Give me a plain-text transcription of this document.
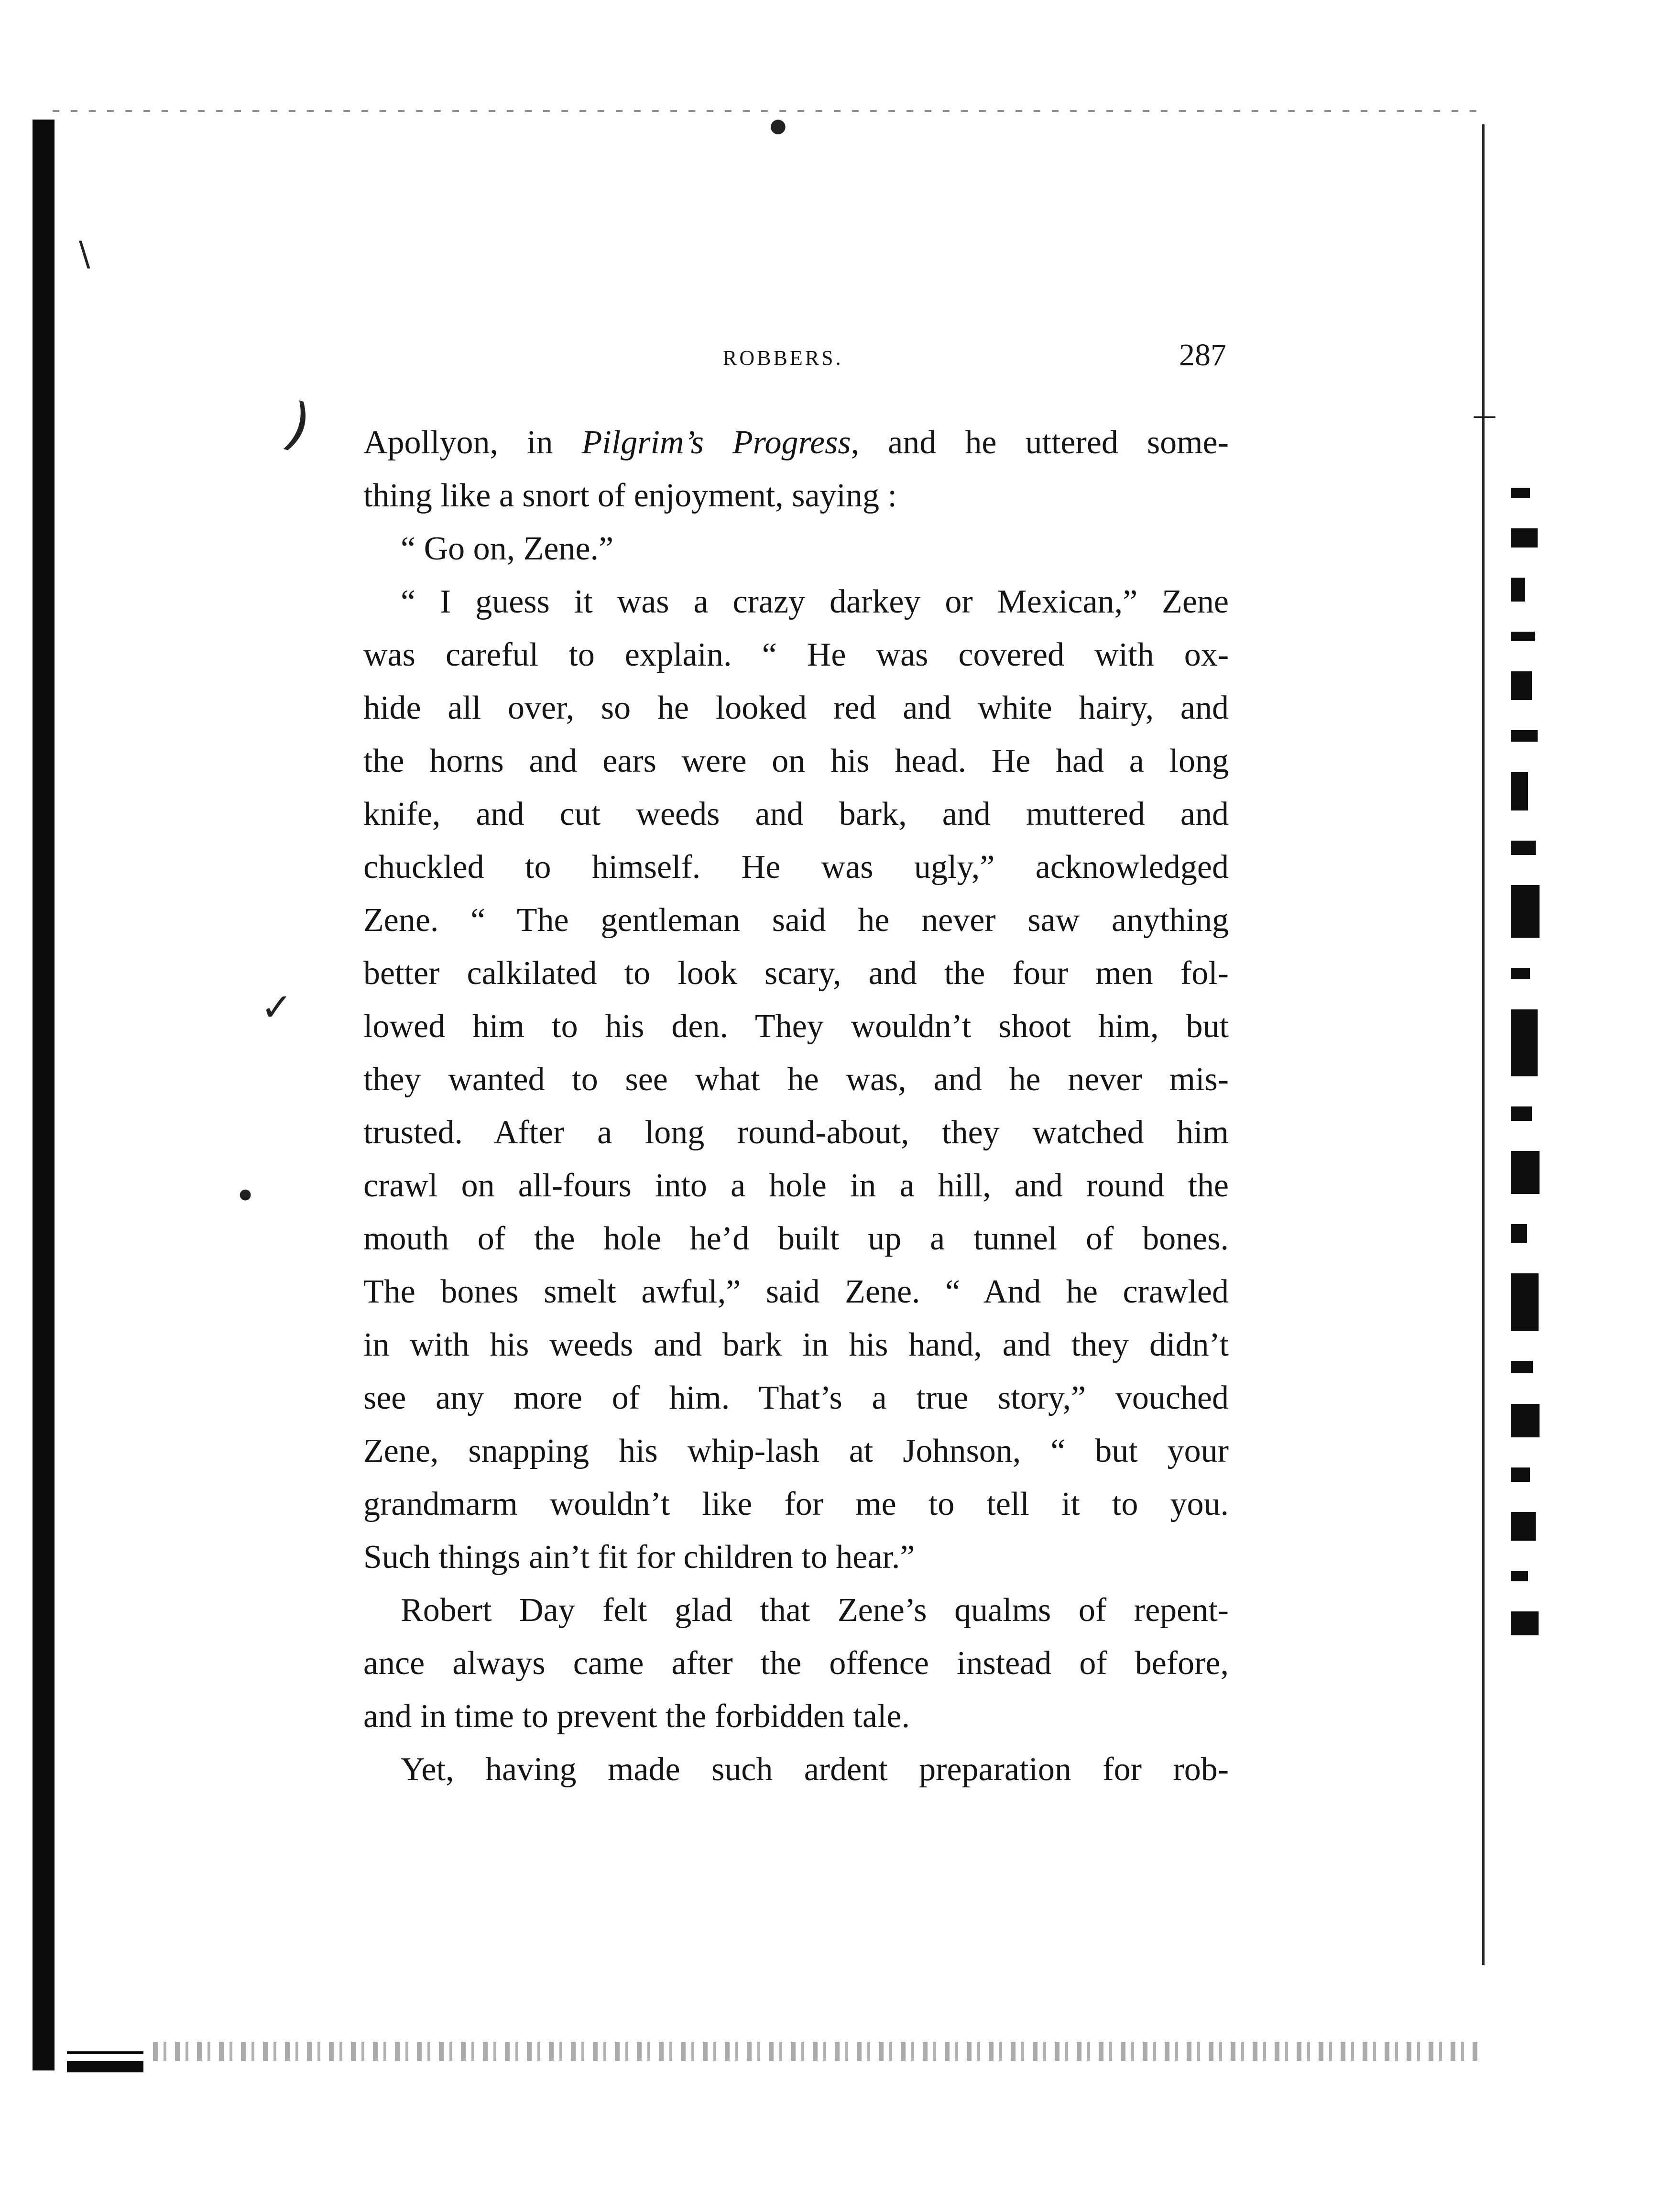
ROBBERS.	287
Apollyon, in Pilgrim’s Progress, and he uttered some-
thing like a snort of enjoyment, saying :
“ Go on, Zene.”
“ I guess it was a crazy darkey or Mexican,” Zene
was careful to explain. “ He was covered with ox-
hide all over, so he looked red and white hairy, and
the horns and ears were on his head. He had a long
knife, and cut weeds and bark, and muttered and
chuckled to himself. He was ugly,” acknowledged
Zene. “ The gentleman said he never saw anything
better calkilated to look scary, and the four men fol-
lowed him to his den. They wouldn’t shoot him, but
they wanted to see what he was, and he never mis-
trusted. After a long round-about, they watched him
crawl on all-fours into a hole in a hill, and round the
mouth of the hole he’d built up a tunnel of bones.
The bones smelt awful,” said Zene. “ And he crawled
in with his weeds and bark in his hand, and they didn’t
see any more of him. That’s a true story,” vouched
Zene, snapping his whip-lash at Johnson, “ but your
grandmarm wouldn’t like for me to tell it to you.
Such things ain’t fit for children to hear.”
Robert Day felt glad that Zene’s qualms of repent-
ance always came after the offence instead of before,
and in time to prevent the forbidden tale.
Yet, having made such ardent preparation for rob-
)
✓
●
●
\
—
